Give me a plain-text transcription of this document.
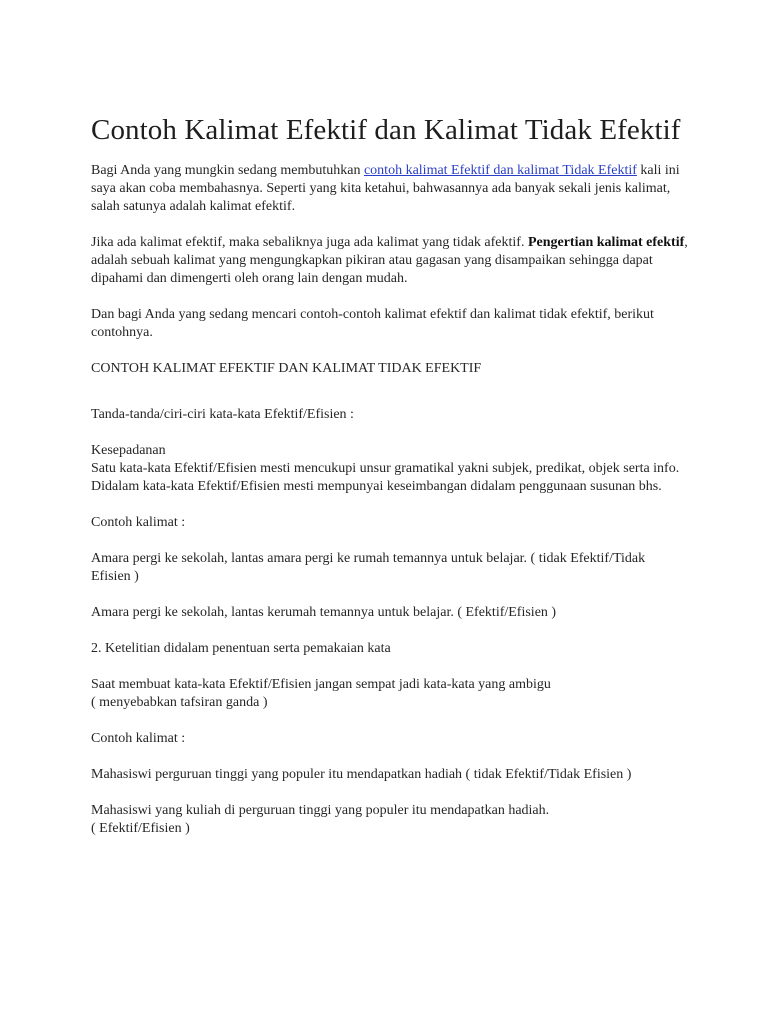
Contoh Kalimat Efektif dan Kalimat Tidak Efektif

Bagi Anda yang mungkin sedang membutuhkan contoh kalimat Efektif dan kalimat Tidak Efektif kali ini saya akan coba membahasnya. Seperti yang kita ketahui, bahwasannya ada banyak sekali jenis kalimat, salah satunya adalah kalimat efektif.

Jika ada kalimat efektif, maka sebaliknya juga ada kalimat yang tidak afektif. Pengertian kalimat efektif, adalah sebuah kalimat yang mengungkapkan pikiran atau gagasan yang disampaikan sehingga dapat dipahami dan dimengerti oleh orang lain dengan mudah.

Dan bagi Anda yang sedang mencari contoh-contoh kalimat efektif dan kalimat tidak efektif, berikut contohnya.

CONTOH KALIMAT EFEKTIF DAN KALIMAT TIDAK EFEKTIF

Tanda-tanda/ciri-ciri kata-kata Efektif/Efisien :

Kesepadanan

Satu kata-kata Efektif/Efisien mesti mencukupi unsur gramatikal yakni subjek, predikat, objek serta info. Didalam kata-kata Efektif/Efisien mesti mempunyai keseimbangan didalam penggunaan susunan bhs.

Contoh kalimat :

Amara pergi ke sekolah, lantas amara pergi ke rumah temannya untuk belajar. ( tidak Efektif/Tidak Efisien )

Amara pergi ke sekolah, lantas kerumah temannya untuk belajar. ( Efektif/Efisien )

2. Ketelitian didalam penentuan serta pemakaian kata

Saat membuat kata-kata Efektif/Efisien jangan sempat jadi kata-kata yang ambigu
( menyebabkan tafsiran ganda )

Contoh kalimat :

Mahasiswi perguruan tinggi yang populer itu mendapatkan hadiah ( tidak Efektif/Tidak Efisien )

Mahasiswi yang kuliah di perguruan tinggi yang populer itu mendapatkan hadiah.
( Efektif/Efisien )
